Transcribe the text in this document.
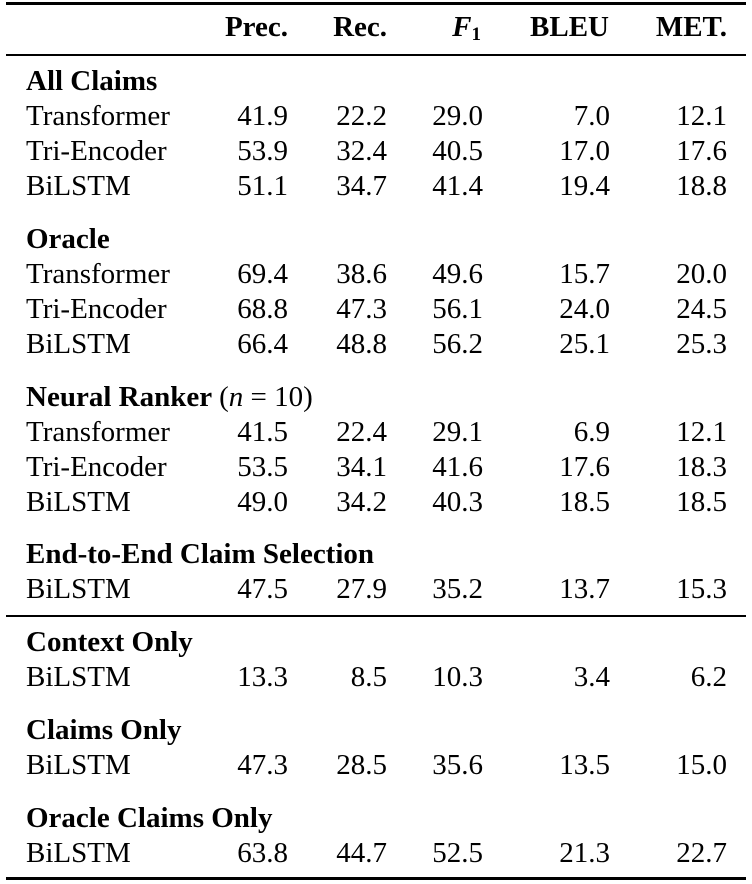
Prec. Rec. $F_1$ BLEU MET.
All Claims
Transformer 41.9 22.2 29.0	7.0 12.1
Tri-Encoder 53.9 32.4 40.5	17.0 17.6
BiLSTM	51.1 34.7 41.4	19.4 18.8
Oracle
Transformer 69.4 38.6 49.6	15.7 20.0
Tri-Encoder 68.8 47.3 56.1	24.0 24.5
BiLSTM	66.4 48.8 56.2	25.1 25.3
Neural Ranker (n = 10)
Transformer 41.5 22.4 29.1	6.9 12.1
Tri-Encoder 53.5 34.1 41.6	17.6 18.3
BiLSTM	49.0 34.2 40.3	18.5 18.5
End-to-End Claim Selection
BiLSTM	47.5 27.9 35.2	13.7 15.3
Context Only
BiLSTM	13.3 8.5 10.3	3.4	6.2
Claims Only
BiLSTM	47.3 28.5 35.6	13.5 15.0
Oracle Claims Only
BiLSTM	63.8 44.7 52.5	21.3 22.7
